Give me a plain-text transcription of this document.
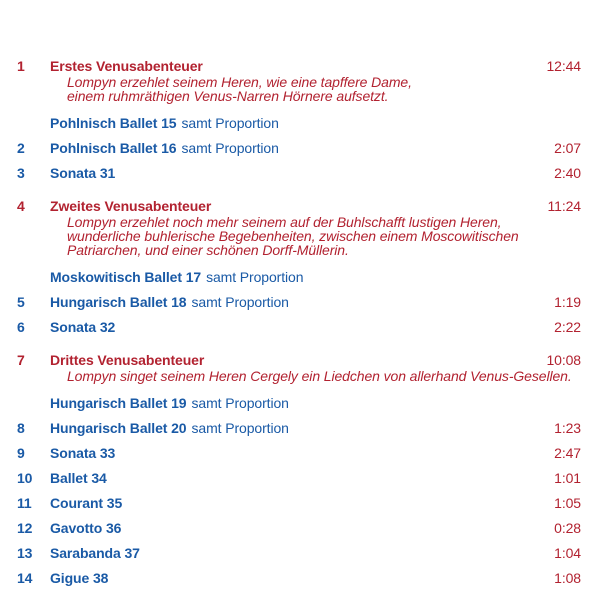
1	Erstes Venusabenteuer	12:44
Lompyn erzehlet seinem Heren, wie eine tapffere Dame,
einem ruhmräthigen Venus-Narren Hörnere aufsetzt.
Pohlnisch Ballet 15 samt Proportion
2	Pohlnisch Ballet 16 samt Proportion	2:07
3	Sonata 31	2:40
4	Zweites Venusabenteuer	11:24
Lompyn erzehlet noch mehr seinem auf der Buhlschafft lustigen Heren,
wunderliche buhlerische Begebenheiten, zwischen einem Moscowitischen
Patriarchen, und einer schönen Dorff-Müllerin.
Moskowitisch Ballet 17 samt Proportion
5	Hungarisch Ballet 18 samt Proportion	1:19
6	Sonata 32	2:22
7	Drittes Venusabenteuer	10:08
Lompyn singet seinem Heren Cergely ein Liedchen von allerhand Venus-Gesellen.
Hungarisch Ballet 19 samt Proportion
8	Hungarisch Ballet 20 samt Proportion	1:23
9	Sonata 33	2:47
10	Ballet 34	1:01
11	Courant 35	1:05
12	Gavotto 36	0:28
13	Sarabanda 37	1:04
14	Gigue 38	1:08
